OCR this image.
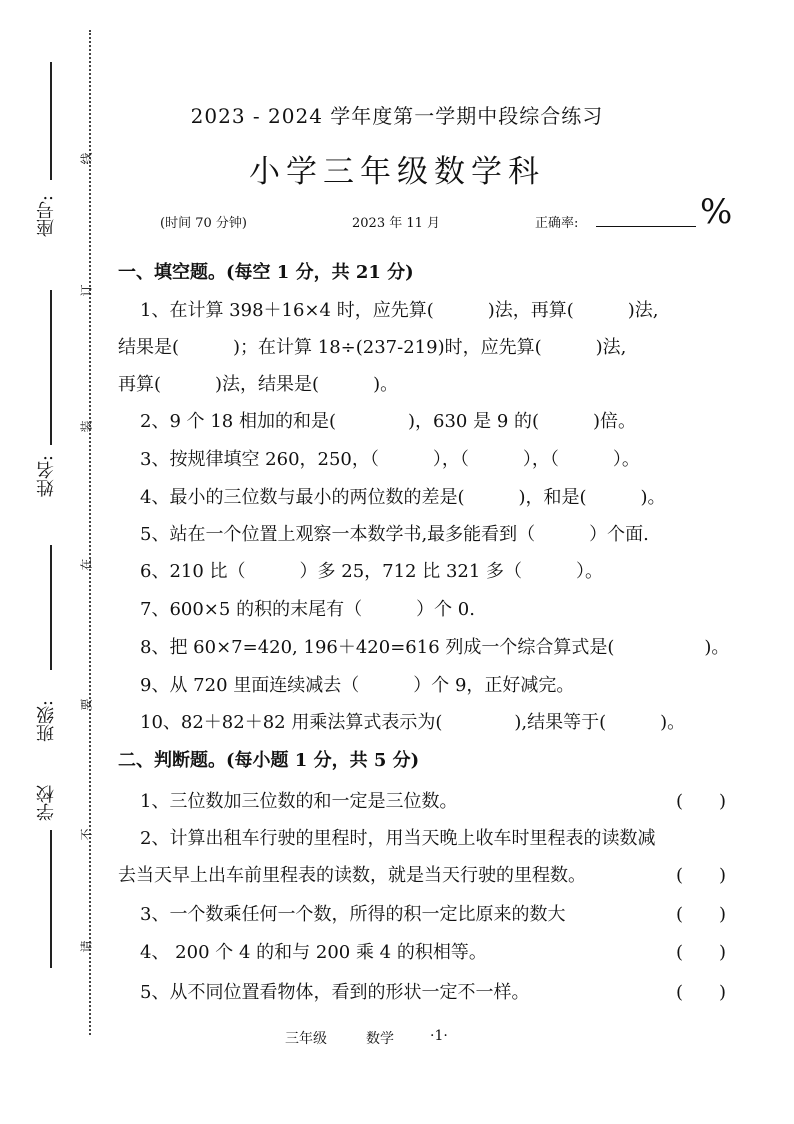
座号:
姓名:
班级:
学校
线
订
装
在
要
不
请
2023 - 2024 学年度第一学期中段综合练习
小学三年级数学科
(时间 70 分钟)	2023 年 11 月	正确率:	%
一、填空题。(每空 1 分，共 21 分)
1、在计算 398＋16×4 时，应先算(　　　)法，再算(　　　)法,
结果是(　　　)；在计算 18÷(237-219)时，应先算(　　　)法,
再算(　　　)法，结果是(　　　)。
2、9 个 18 相加的和是(　　　　)，630 是 9 的(　　　)倍。
3、按规律填空 260，250，（　　　），（　　　），（　　　）。
4、最小的三位数与最小的两位数的差是(　　　)，和是(　　　)。
5、站在一个位置上观察一本数学书,最多能看到（　　　）个面.
6、210 比（　　　）多 25，712 比 321 多（　　　）。
7、600×5 的积的末尾有（　　　）个 0.
8、把 60×7=420, 196＋420=616 列成一个综合算式是(　　　　　)。
9、从 720 里面连续减去（　　　）个 9，正好减完。
10、82＋82＋82 用乘法算式表示为(　　　　),结果等于(　　　)。
二、判断题。(每小题 1 分，共 5 分)
1、三位数加三位数的和一定是三位数。	(　　)
2、计算出租车行驶的里程时，用当天晚上收车时里程表的读数减
去当天早上出车前里程表的读数，就是当天行驶的里程数。	(　　)
3、一个数乘任何一个数，所得的积一定比原来的数大	(　　)
4、 200 个 4 的和与 200 乘 4 的积相等。	(　　)
5、从不同位置看物体，看到的形状一定不一样。	(　　)
三年级	数学	·1·
